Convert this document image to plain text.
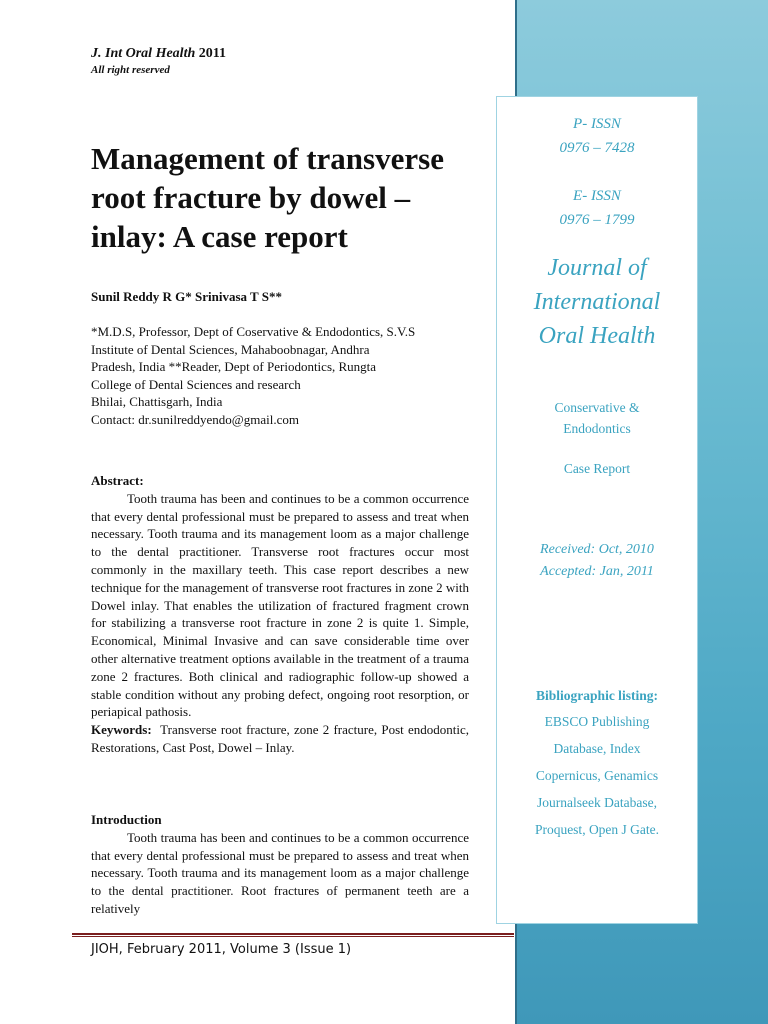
P- ISSN
0976 – 7428
E- ISSN
0976 – 1799
Journal of
International
Oral Health
Conservative &
Endodontics
Case Report
Received: Oct, 2010
Accepted: Jan, 2011
Bibliographic listing:
EBSCO Publishing
Database, Index
Copernicus, Genamics
Journalseek Database,
Proquest, Open J Gate.
J. Int Oral Health 2011
All right reserved
Management of transverse root fracture by dowel – inlay: A case report
Sunil Reddy R G* Srinivasa T S**
*M.D.S, Professor, Dept of Coservative & Endodontics, S.V.S
Institute of Dental Sciences, Mahaboobnagar, Andhra
Pradesh, India **Reader, Dept of Periodontics, Rungta
College of Dental Sciences and research
Bhilai, Chattisgarh, India
Contact: dr.sunilreddyendo@gmail.com
Abstract:

Tooth trauma has been and continues to be a common occurrence that every dental professional must be prepared to assess and treat when necessary. Tooth trauma and its management loom as a major challenge to the dental practitioner. Transverse root fractures occur most commonly in the maxillary teeth. This case report describes a new technique for the management of transverse root fractures in zone 2 with Dowel inlay. That enables the utilization of fractured fragment crown for stabilizing a transverse root fracture in zone 2 is quite 1. Simple, Economical, Minimal Invasive and can save considerable time over other alternative treatment options available in the treatment of a trauma zone 2 fractures. Both clinical and radiographic follow-up showed a stable condition without any probing defect, ongoing root resorption, or periapical pathosis.

Keywords: Transverse root fracture, zone 2 fracture, Post endodontic, Restorations, Cast Post, Dowel – Inlay.

Introduction

Tooth trauma has been and continues to be a common occurrence that every dental professional must be prepared to assess and treat when necessary. Tooth trauma and its management loom as a major challenge to the dental practitioner. Root fractures of permanent teeth are a relatively

JIOH, February 2011, Volume 3 (Issue 1)
